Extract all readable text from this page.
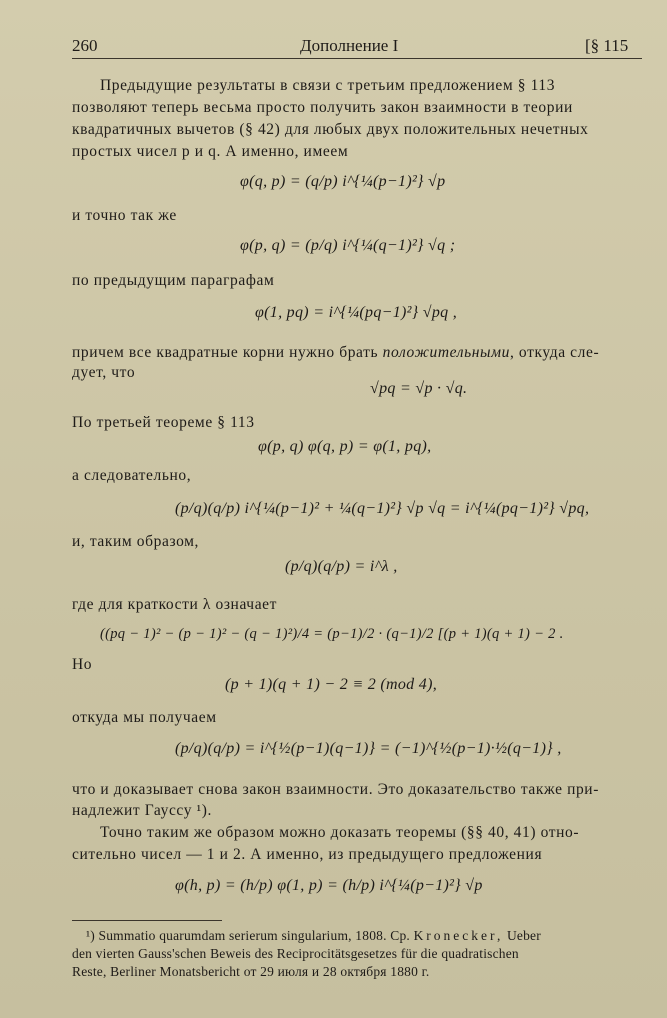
260	Дополнение I	[§ 115
Предыдущие результаты в связи с третьим предложением § 113
позволяют теперь весьма просто получить закон взаимности в теории
квадратичных вычетов (§ 42) для любых двух положительных нечетных
простых чисел p и q. А именно, имеем
φ(q, p) = (q/p) i^{¼(p−1)²} √p
и точно так же
φ(p, q) = (p/q) i^{¼(q−1)²} √q ;
по предыдущим параграфам
φ(1, pq) = i^{¼(pq−1)²} √pq ,
причем все квадратные корни нужно брать положительными, откуда сле-
дует, что
√pq = √p · √q.
По третьей теореме § 113
φ(p, q) φ(q, p) = φ(1, pq),
а следовательно,
(p/q)(q/p) i^{¼(p−1)² + ¼(q−1)²} √p √q = i^{¼(pq−1)²} √pq,
и, таким образом,
(p/q)(q/p) = i^λ ,
где для краткости λ означает
((pq − 1)² − (p − 1)² − (q − 1)²)/4 = (p−1)/2 · (q−1)/2 [(p + 1)(q + 1) − 2 .
Но
(p + 1)(q + 1) − 2 ≡ 2 (mod 4),
откуда мы получаем
(p/q)(q/p) = i^{½(p−1)(q−1)} = (−1)^{½(p−1)·½(q−1)} ,
что и доказывает снова закон взаимности. Это доказательство также при-
надлежит Гауссу ¹).
Точно таким же образом можно доказать теоремы (§§ 40, 41) отно-
сительно чисел — 1 и 2. А именно, из предыдущего предложения
φ(h, p) = (h/p) φ(1, p) = (h/p) i^{¼(p−1)²} √p
¹) Summatio quarumdam serierum singularium, 1808. Ср. Kronecker, Ueber
den vierten Gauss'schen Beweis des Reciprocitätsgesetzes für die quadratischen
Reste, Berliner Monatsbericht от 29 июля и 28 октября 1880 г.
